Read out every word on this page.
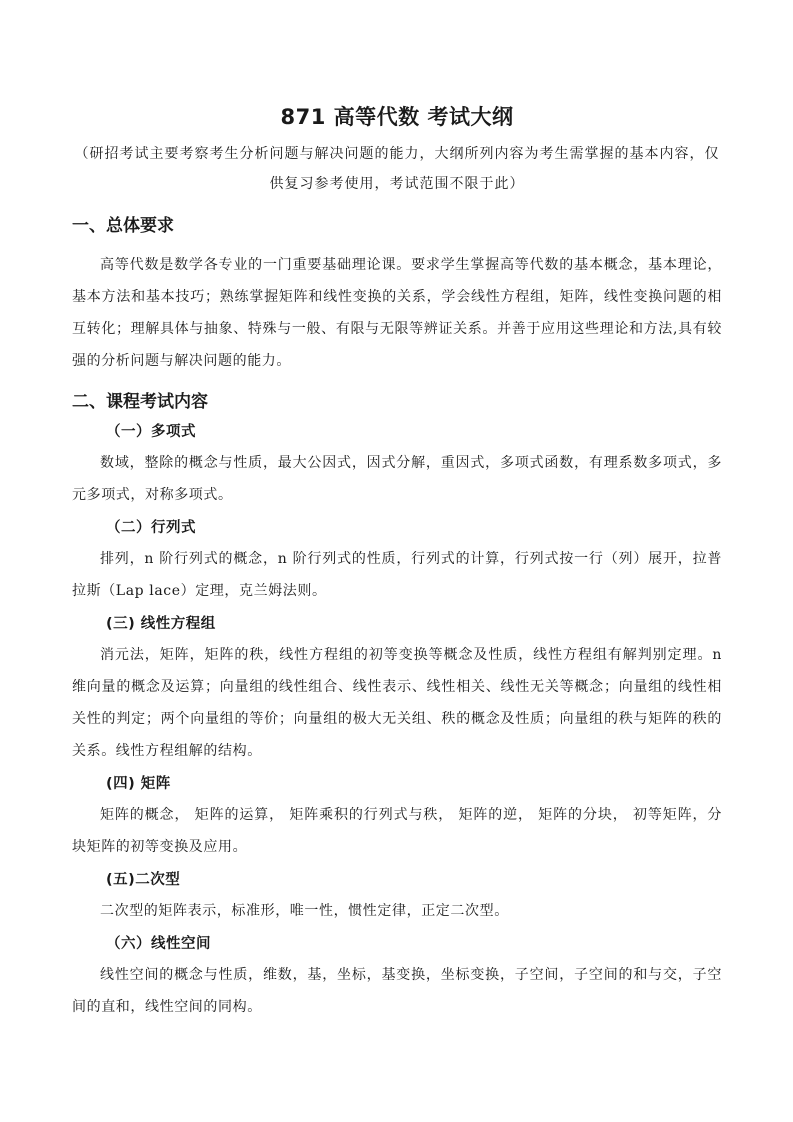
871 高等代数 考试大纲

（研招考试主要考察考生分析问题与解决问题的能力，大纲所列内容为考生需掌握的基本内容，仅供复习参考使用，考试范围不限于此）

一、总体要求

高等代数是数学各专业的一门重要基础理论课。要求学生掌握高等代数的基本概念，基本理论，基本方法和基本技巧；熟练掌握矩阵和线性变换的关系，学会线性方程组，矩阵，线性变换问题的相互转化；理解具体与抽象、特殊与一般、有限与无限等辨证关系。并善于应用这些理论和方法,具有较强的分析问题与解决问题的能力。

二、课程考试内容
（一）多项式

数域，整除的概念与性质，最大公因式，因式分解，重因式，多项式函数，有理系数多项式，多元多项式，对称多项式。

（二）行列式

排列，n 阶行列式的概念，n 阶行列式的性质，行列式的计算，行列式按一行（列）展开，拉普拉斯（Lap lace）定理，克兰姆法则。

(三) 线性方程组

消元法，矩阵，矩阵的秩，线性方程组的初等变换等概念及性质，线性方程组有解判别定理。n 维向量的概念及运算；向量组的线性组合、线性表示、线性相关、线性无关等概念；向量组的线性相关性的判定；两个向量组的等价；向量组的极大无关组、秩的概念及性质；向量组的秩与矩阵的秩的关系。线性方程组解的结构。

(四) 矩阵

矩阵的概念， 矩阵的运算， 矩阵乘积的行列式与秩， 矩阵的逆， 矩阵的分块， 初等矩阵，分块矩阵的初等变换及应用。

(五)二次型

二次型的矩阵表示，标准形，唯一性，惯性定律，正定二次型。

（六）线性空间

线性空间的概念与性质，维数，基，坐标，基变换，坐标变换，子空间，子空间的和与交，子空间的直和，线性空间的同构。
